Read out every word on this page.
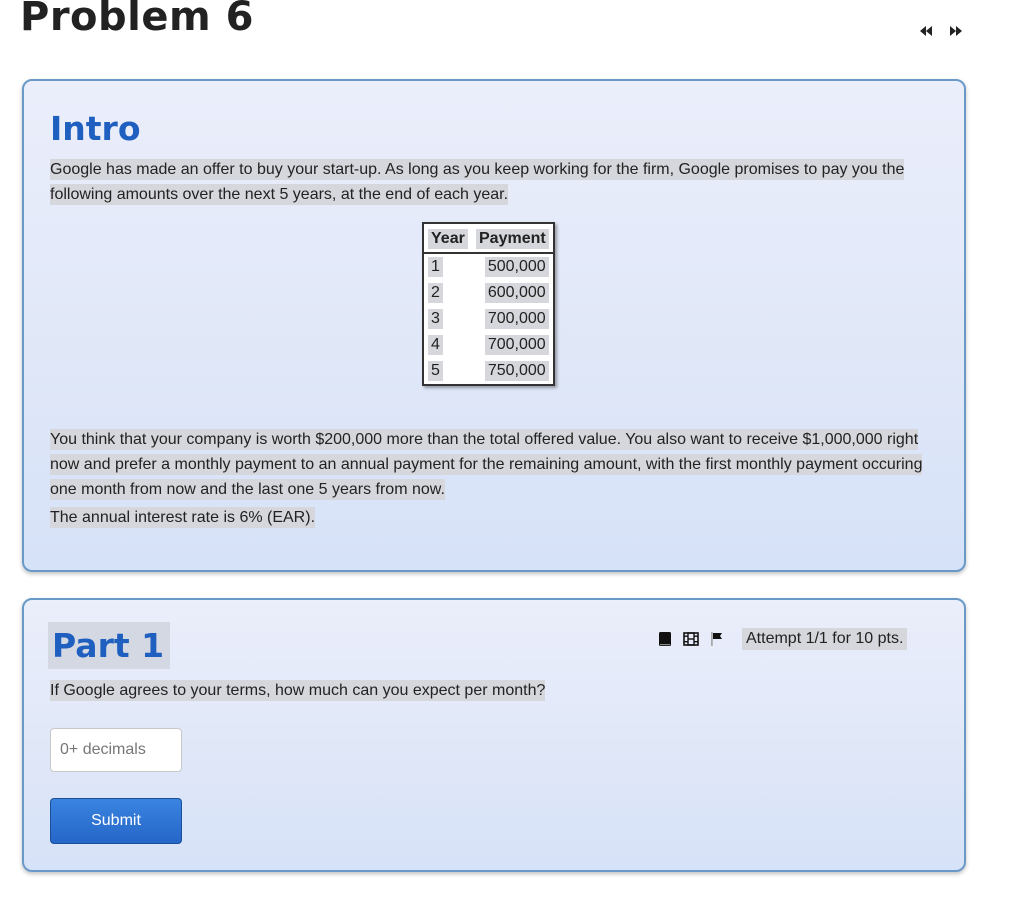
Problem 6
Intro

Google has made an offer to buy your start-up. As long as you keep working for the firm, Google promises to pay you the following amounts over the next 5 years, at the end of each year.

Year	Payment
1	500,000
2	600,000
3	700,000
4	700,000
5	750,000

You think that your company is worth $200,000 more than the total offered value. You also want to receive $1,000,000 right now and prefer a monthly payment to an annual payment for the remaining amount, with the first monthly payment occuring one month from now and the last one 5 years from now.

The annual interest rate is 6% (EAR).

Part 1	Attempt 1/1 for 10 pts.

If Google agrees to your terms, how much can you expect per month?

0+ decimals
Submit
